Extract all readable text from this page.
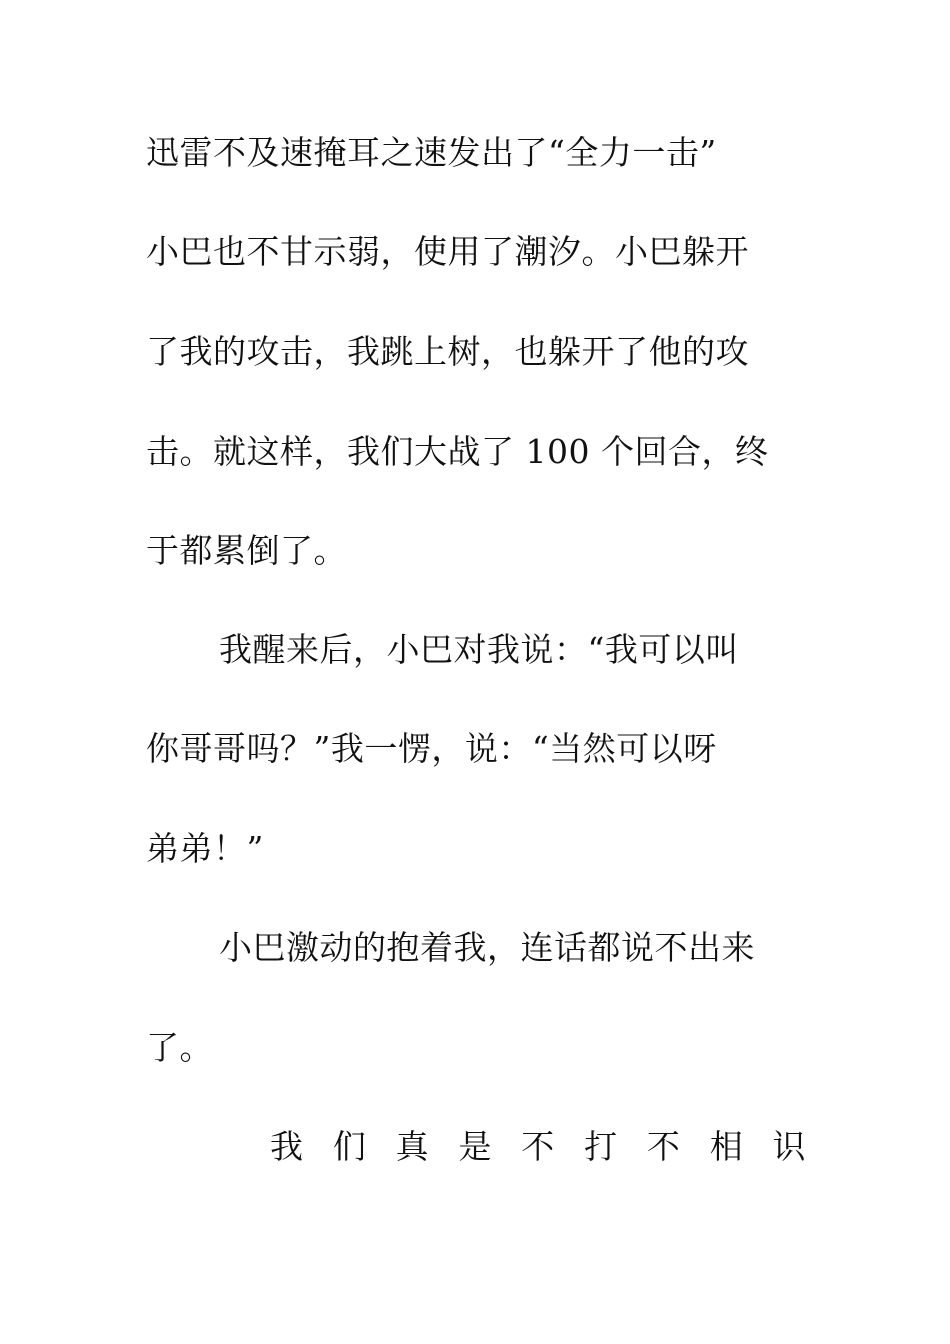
迅雷不及速掩耳之速发出了“全力一击”
小巴也不甘示弱，使用了潮汐。小巴躲开
了我的攻击，我跳上树，也躲开了他的攻
击。就这样，我们大战了 100 个回合，终
于都累倒了。
我醒来后，小巴对我说：“我可以叫
你哥哥吗？”我一愣，说：“当然可以呀
弟弟！”
小巴激动的抱着我，连话都说不出来
了。
我 们 真 是 不 打 不 相 识
